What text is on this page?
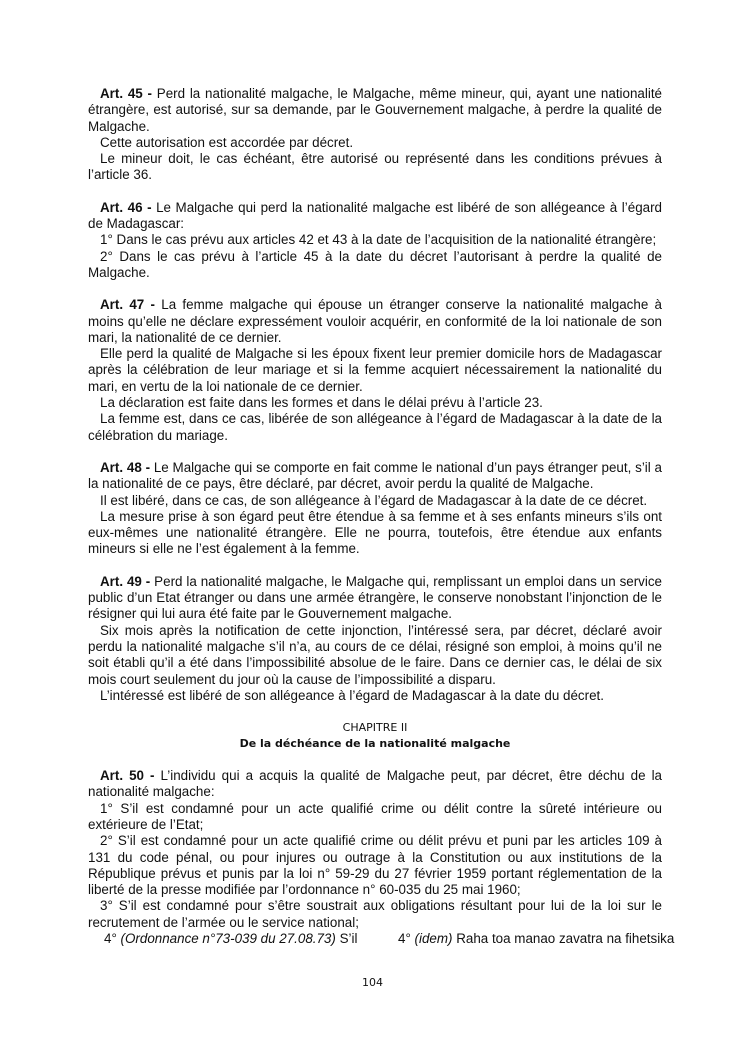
Art. 45 - Perd la nationalité malgache, le Malgache, même mineur, qui, ayant une nationalité étrangère, est autorisé, sur sa demande, par le Gouvernement malgache, à perdre la qualité de Malgache.

Cette autorisation est accordée par décret.

Le mineur doit, le cas échéant, être autorisé ou représenté dans les conditions prévues à l’article 36.

Art. 46 - Le Malgache qui perd la nationalité malgache est libéré de son allégeance à l’égard de Madagascar:

1° Dans le cas prévu aux articles 42 et 43 à la date de l’acquisition de la nationalité étrangère;

2° Dans le cas prévu à l’article 45 à la date du décret l’autorisant à perdre la qualité de Malgache.

Art. 47 - La femme malgache qui épouse un étranger conserve la nationalité malgache à moins qu’elle ne déclare expressément vouloir acquérir, en conformité de la loi nationale de son mari, la nationalité de ce dernier.

Elle perd la qualité de Malgache si les époux fixent leur premier domicile hors de Madagascar après la célébration de leur mariage et si la femme acquiert nécessairement la nationalité du mari, en vertu de la loi nationale de ce dernier.

La déclaration est faite dans les formes et dans le délai prévu à l’article 23.

La femme est, dans ce cas, libérée de son allégeance à l’égard de Madagascar à la date de la célébration du mariage.

Art. 48 - Le Malgache qui se comporte en fait comme le national d’un pays étranger peut, s’il a la nationalité de ce pays, être déclaré, par décret, avoir perdu la qualité de Malgache.

Il est libéré, dans ce cas, de son allégeance à l’égard de Madagascar à la date de ce décret.

La mesure prise à son égard peut être étendue à sa femme et à ses enfants mineurs s’ils ont eux-mêmes une nationalité étrangère. Elle ne pourra, toutefois, être étendue aux enfants mineurs si elle ne l’est également à la femme.

Art. 49 - Perd la nationalité malgache, le Malgache qui, remplissant un emploi dans un service public d’un Etat étranger ou dans une armée étrangère, le conserve nonobstant l’injonction de le résigner qui lui aura été faite par le Gouvernement malgache.

Six mois après la notification de cette injonction, l’intéressé sera, par décret, déclaré avoir perdu la nationalité malgache s’il n’a, au cours de ce délai, résigné son emploi, à moins qu’il ne soit établi qu’il a été dans l’impossibilité absolue de le faire. Dans ce dernier cas, le délai de six mois court seulement du jour où la cause de l’impossibilité a disparu.

L’intéressé est libéré de son allégeance à l’égard de Madagascar à la date du décret.

CHAPITRE II

De la déchéance de la nationalité malgache

Art. 50 - L’individu qui a acquis la qualité de Malgache peut, par décret, être déchu de la nationalité malgache:

1° S’il est condamné pour un acte qualifié crime ou délit contre la sûreté intérieure ou extérieure de l’Etat;

2° S’il est condamné pour un acte qualifié crime ou délit prévu et puni par les articles 109 à 131 du code pénal, ou pour injures ou outrage à la Constitution ou aux institutions de la République prévus et punis par la loi n° 59-29 du 27 février 1959 portant réglementation de la liberté de la presse modifiée par l’ordonnance n° 60-035 du 25 mai 1960;

3° S’il est condamné pour s’être soustrait aux obligations résultant pour lui de la loi sur le recrutement de l’armée ou le service national;

4° (Ordonnance n°73-039 du 27.08.73) S’il	4° (idem) Raha toa manao zavatra na fihetsika
104
